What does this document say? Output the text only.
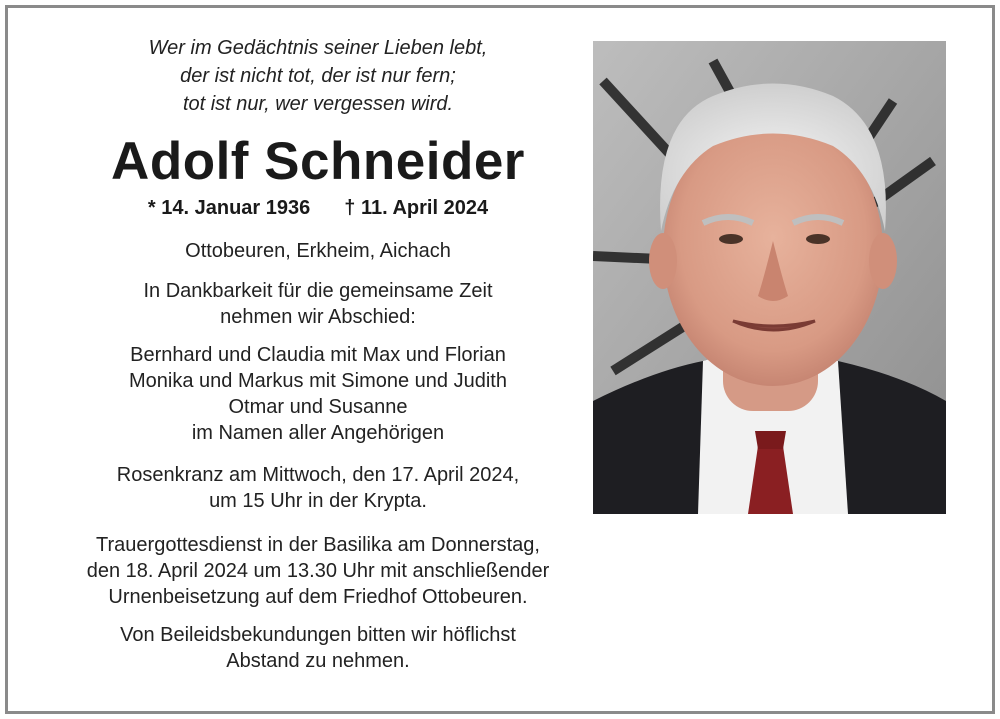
Wer im Gedächtnis seiner Lieben lebt,
der ist nicht tot, der ist nur fern;
tot ist nur, wer vergessen wird.

Adolf Schneider

* 14. Januar 1936 † 11. April 2024

Ottobeuren, Erkheim, Aichach

In Dankbarkeit für die gemeinsame Zeit
nehmen wir Abschied:

Bernhard und Claudia mit Max und Florian
Monika und Markus mit Simone und Judith
Otmar und Susanne
im Namen aller Angehörigen

Rosenkranz am Mittwoch, den 17. April 2024,
um 15 Uhr in der Krypta.

Trauergottesdienst in der Basilika am Donnerstag,
den 18. April 2024 um 13.30 Uhr mit anschließender
Urnenbeisetzung auf dem Friedhof Ottobeuren.

Von Beileidsbekundungen bitten wir höflichst
Abstand zu nehmen.
